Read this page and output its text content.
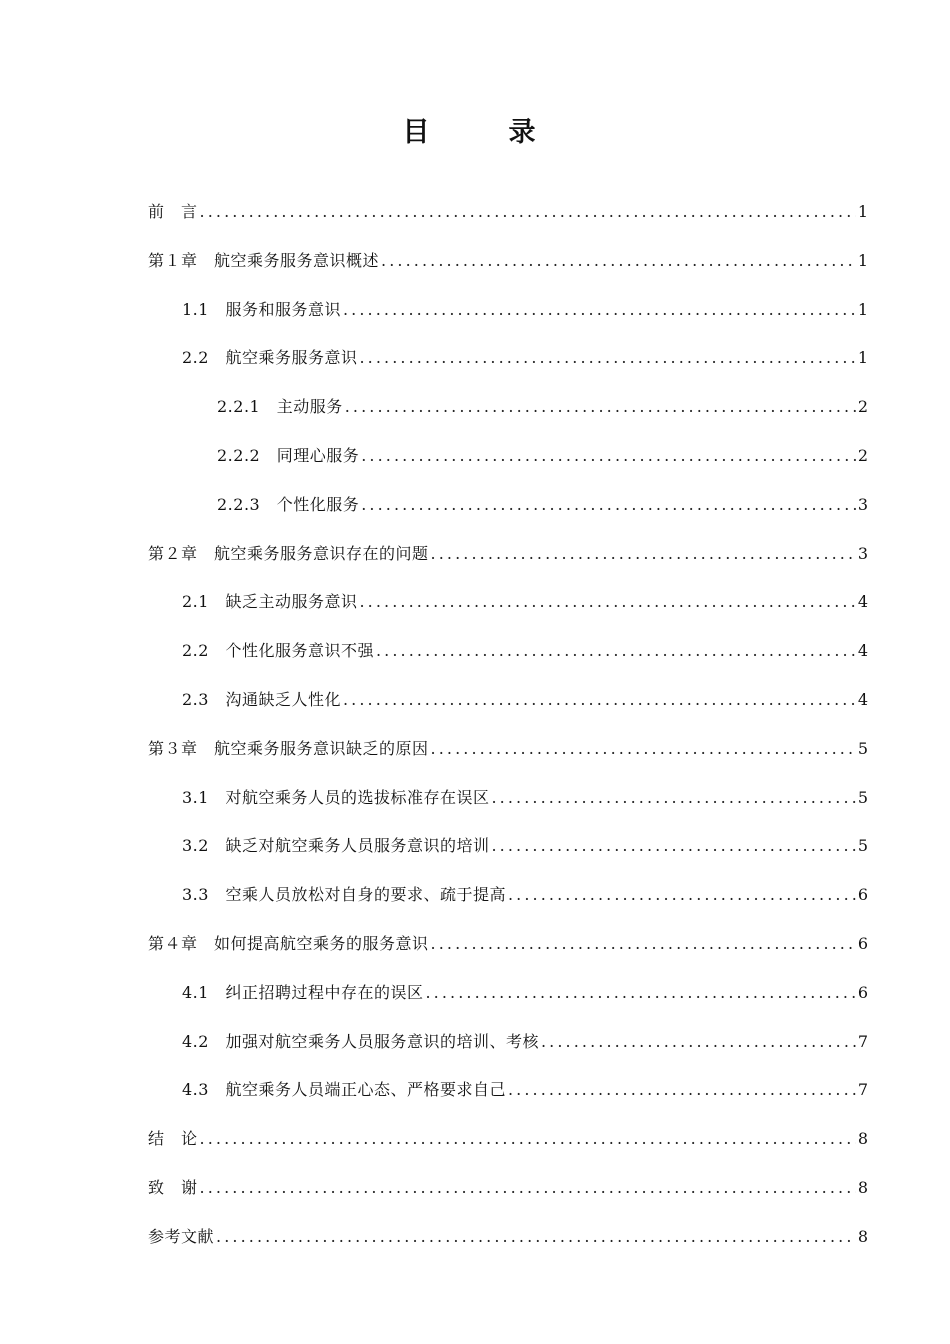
目　录
前　言 .....	1
第１章　航空乘务服务意识概述 .....	1
1.1　服务和服务意识 .....	1
2.2　航空乘务服务意识 .....	1
2.2.1　主动服务 .....	2
2.2.2　同理心服务 .....	2
2.2.3　个性化服务 .....	3
第２章　航空乘务服务意识存在的问题 .....	3
2.1　缺乏主动服务意识 .....	4
2.2　个性化服务意识不强 .....	4
2.3　沟通缺乏人性化 .....	4
第３章　航空乘务服务意识缺乏的原因 .....	5
3.1　对航空乘务人员的选拔标准存在误区 .....	5
3.2　缺乏对航空乘务人员服务意识的培训 .....	5
3.3　空乘人员放松对自身的要求、疏于提高 .....	6
第４章　如何提高航空乘务的服务意识 .....	6
4.1　纠正招聘过程中存在的误区 .....	6
4.2　加强对航空乘务人员服务意识的培训、考核 .....	7
4.3　航空乘务人员端正心态、严格要求自己 .....	7
结　论 .....	8
致　谢 .....	8
参考文献 .....	8
